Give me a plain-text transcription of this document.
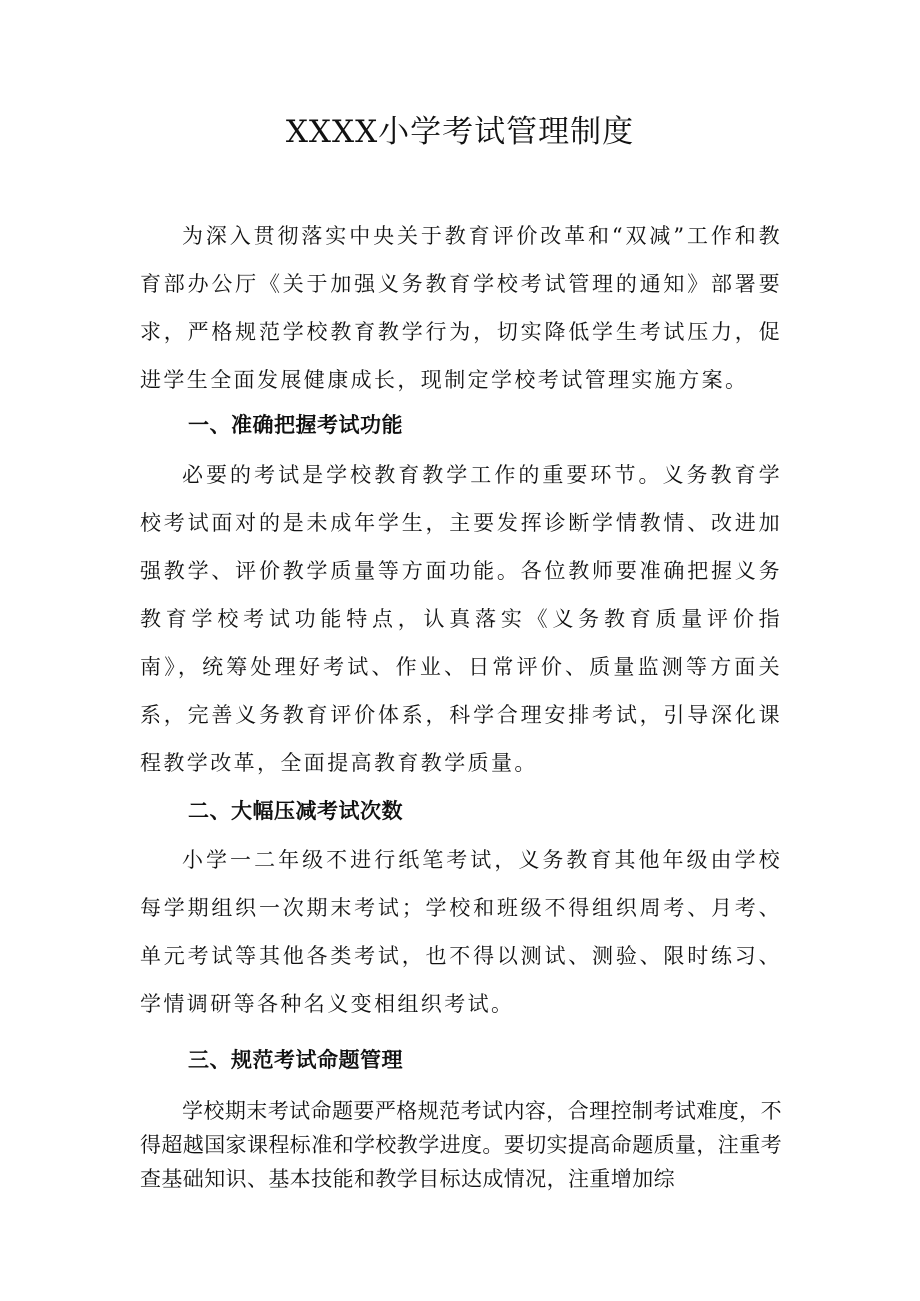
XXXX小学考试管理制度

为深入贯彻落实中央关于教育评价改革和“双减”工作和教育部办公厅《关于加强义务教育学校考试管理的通知》部署要求，严格规范学校教育教学行为，切实降低学生考试压力，促进学生全面发展健康成长，现制定学校考试管理实施方案。

一、准确把握考试功能

必要的考试是学校教育教学工作的重要环节。义务教育学校考试面对的是未成年学生，主要发挥诊断学情教情、改进加强教学、评价教学质量等方面功能。各位教师要准确把握义务教育学校考试功能特点，认真落实《义务教育质量评价指南》，统筹处理好考试、作业、日常评价、质量监测等方面关系，完善义务教育评价体系，科学合理安排考试，引导深化课程教学改革，全面提高教育教学质量。

二、大幅压减考试次数

小学一二年级不进行纸笔考试，义务教育其他年级由学校每学期组织一次期末考试；学校和班级不得组织周考、月考、单元考试等其他各类考试，也不得以测试、测验、限时练习、学情调研等各种名义变相组织考试。

三、规范考试命题管理

学校期末考试命题要严格规范考试内容，合理控制考试难度，不得超越国家课程标准和学校教学进度。要切实提高命题质量，注重考查基础知识、基本技能和教学目标达成情况，注重增加综
